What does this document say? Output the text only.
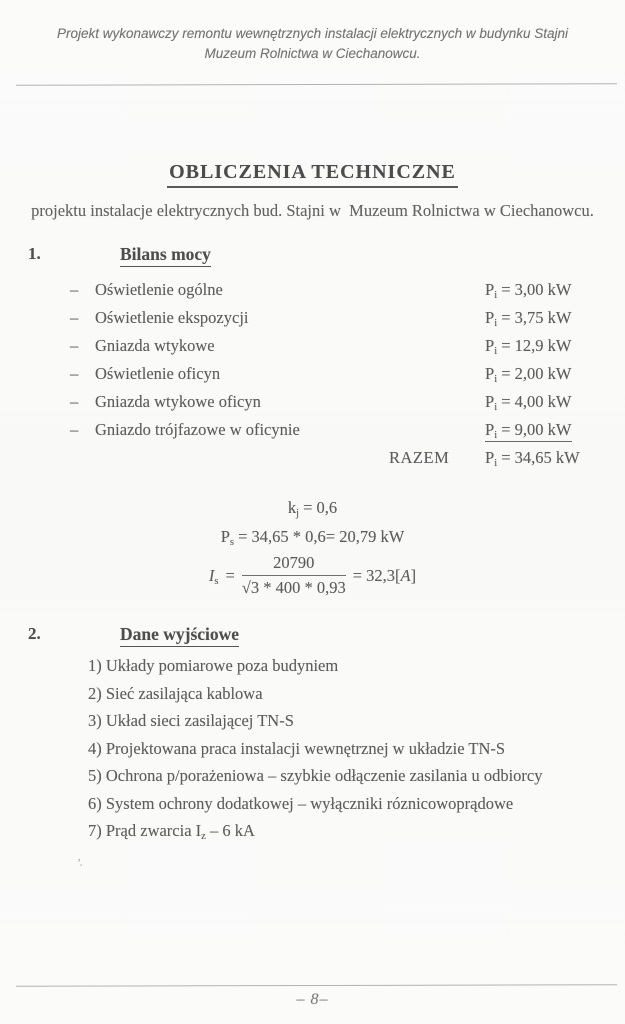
Projekt wykonawczy remontu wewnętrznych instalacji elektrycznych w budynku Stajni
Muzeum Rolnictwa w Ciechanowcu.
OBLICZENIA TECHNICZNE
projektu instalacje elektrycznych bud. Stajni w  Muzeum Rolnictwa w Ciechanowcu.
1.	Bilans mocy
– Oświetlenie ogólne	$P_i = 3,00$ kW
– Oświetlenie ekspozycji	$P_i = 3,75$ kW
– Gniazda wtykowe	$P_i = 12,9$ kW
– Oświetlenie oficyn	$P_i = 2,00$ kW
– Gniazda wtykowe oficyn	$P_i = 4,00$ kW
– Gniazdo trójfazowe w oficynie	$P_i = 9,00$ kW
RAZEM $P_i = 34,65$ kW
$k_j = 0,6$
$P_s = 34,65 * 0,6= 20,79$ kW
$I_s = \frac{20790}{√3 * 400 * 0,93} = 32,3[A]$
2.	Dane wyjściowe
1) Układy pomiarowe poza budyniem
2) Sieć zasilająca kablowa
3) Układ sieci zasilającej TN-S
4) Projektowana praca instalacji wewnętrznej w układzie TN-S
5) Ochrona p/porażeniowa – szybkie odłączenie zasilania u odbiorcy
6) System ochrony dodatkowej – wyłączniki róznicowoprądowe
7) Prąd zwarcia $I_z - 6$ kA
ʼ˒
– 8–
